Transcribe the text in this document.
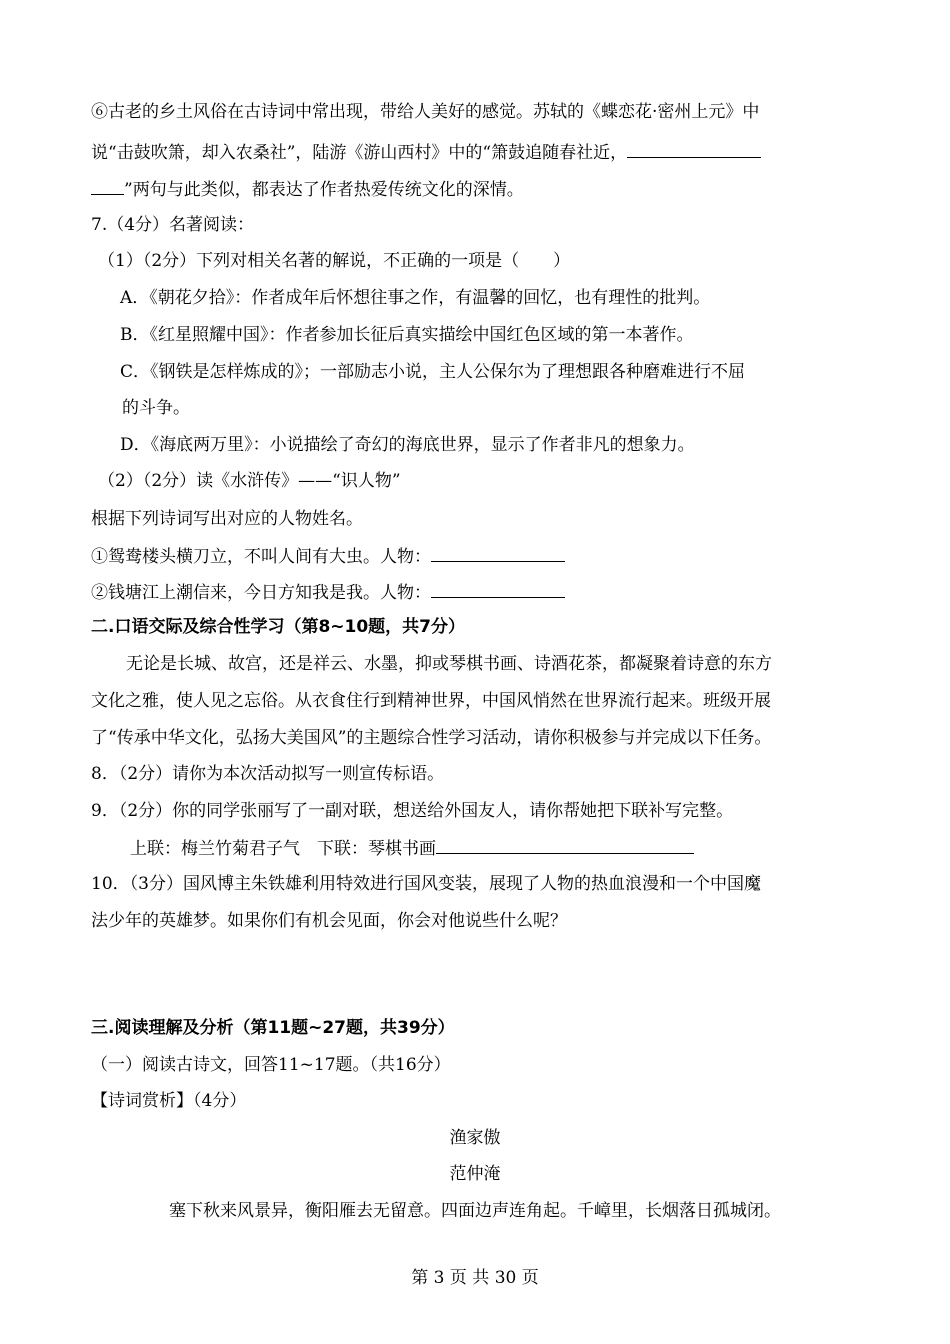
⑥古老的乡土风俗在古诗词中常出现，带给人美好的感觉。苏轼的《蝶恋花·密州上元》中
说“击鼓吹箫，却入农桑社”，陆游《游山西村》中的“箫鼓追随春社近，
”两句与此类似，都表达了作者热爱传统文化的深情。
7.（4分）名著阅读：
（1）（2分）下列对相关名著的解说，不正确的一项是（　　）
A．《朝花夕拾》：作者成年后怀想往事之作，有温馨的回忆，也有理性的批判。
B．《红星照耀中国》：作者参加长征后真实描绘中国红色区域的第一本著作。
C．《钢铁是怎样炼成的》；一部励志小说，主人公保尔为了理想跟各种磨难进行不屈
的斗争。
D．《海底两万里》：小说描绘了奇幻的海底世界，显示了作者非凡的想象力。
（2）（2分）读《水浒传》——“识人物”
根据下列诗词写出对应的人物姓名。
①鸳鸯楼头横刀立，不叫人间有大虫。人物：
②钱塘江上潮信来，今日方知我是我。人物：
二.口语交际及综合性学习（第8~10题，共7分）
无论是长城、故宫，还是祥云、水墨，抑或琴棋书画、诗酒花茶，都凝聚着诗意的东方
文化之雅，使人见之忘俗。从衣食住行到精神世界，中国风悄然在世界流行起来。班级开展
了“传承中华文化，弘扬大美国风”的主题综合性学习活动，请你积极参与并完成以下任务。
8．（2分）请你为本次活动拟写一则宣传标语。
9．（2分）你的同学张丽写了一副对联，想送给外国友人，请你帮她把下联补写完整。
上联：梅兰竹菊君子气　下联：琴棋书画
10．（3分）国风博主朱铁雄利用特效进行国风变装，展现了人物的热血浪漫和一个中国魔
法少年的英雄梦。如果你们有机会见面，你会对他说些什么呢？
三.阅读理解及分析（第11题~27题，共39分）
（一）阅读古诗文，回答11~17题。（共16分）
【诗词赏析】（4分）
渔家傲
范仲淹
塞下秋来风景异，衡阳雁去无留意。四面边声连角起。千嶂里，长烟落日孤城闭。
第 3 页 共 30 页
